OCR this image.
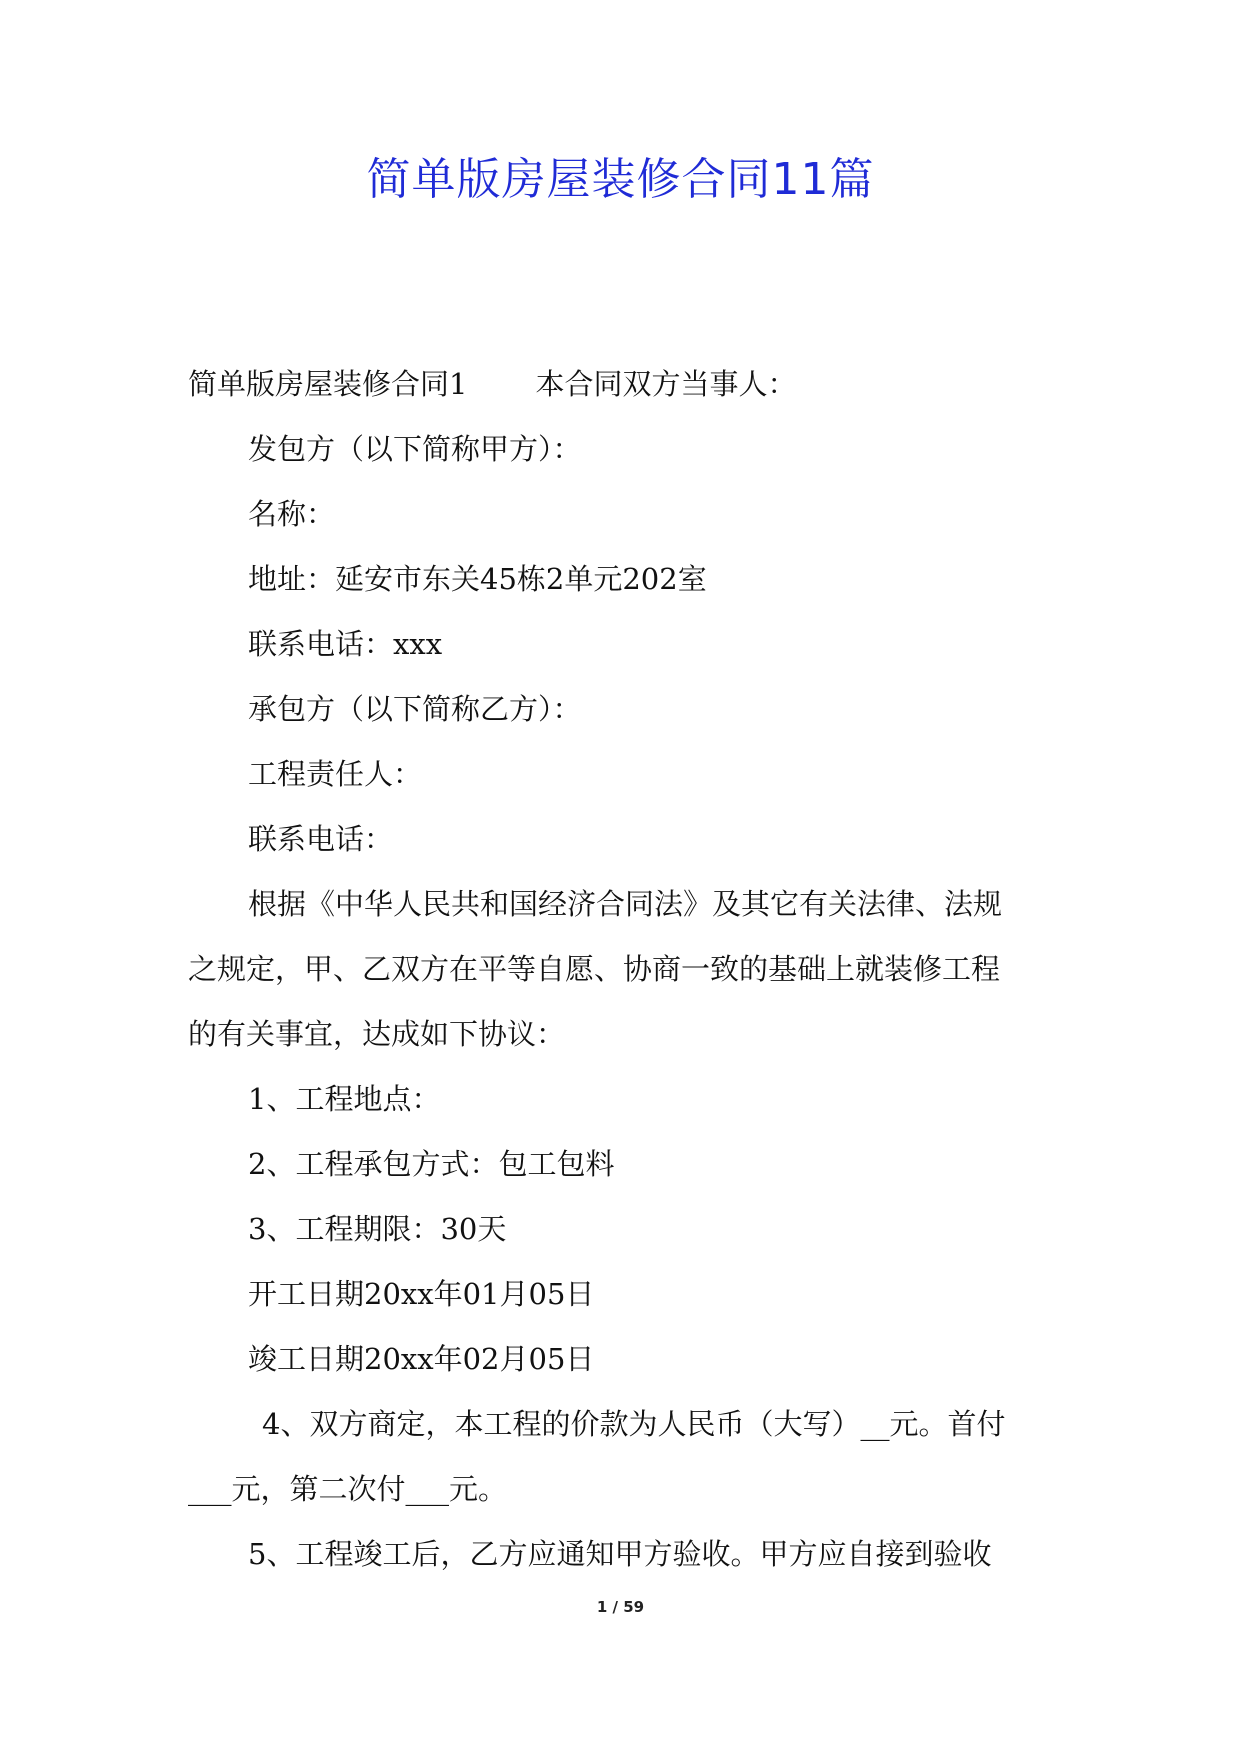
简单版房屋装修合同11篇
简单版房屋装修合同1 本合同双方当事人：
发包方（以下简称甲方）：
名称：
地址：延安市东关45栋2单元202室
联系电话：xxx
承包方（以下简称乙方）：
工程责任人：
联系电话：
根据《中华人民共和国经济合同法》及其它有关法律、法规
之规定，甲、乙双方在平等自愿、协商一致的基础上就装修工程
的有关事宜，达成如下协议：
1、工程地点：
2、工程承包方式：包工包料
3、工程期限：30天
开工日期20xx年01月05日
竣工日期20xx年02月05日
4、双方商定，本工程的价款为人民币（大写）__元。首付
___元，第二次付___元。
5、工程竣工后，乙方应通知甲方验收。甲方应自接到验收
1 / 59
